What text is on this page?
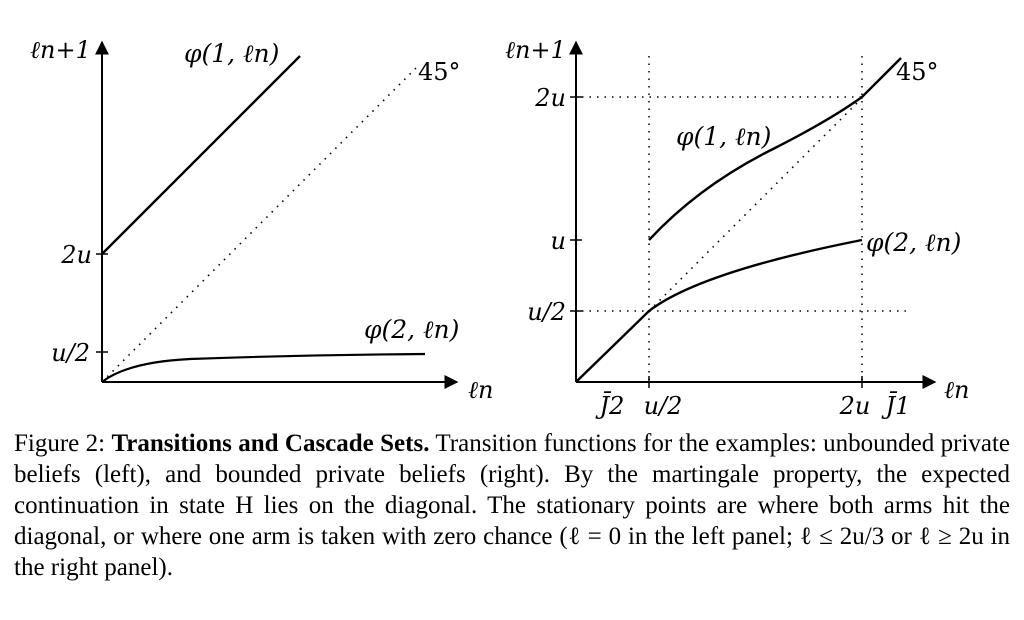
ℓn+1
ℓn
2u
u/2
45°
φ(1, ℓn)
φ(2, ℓn)
ℓn+1
ℓn
2u
u
u/2
J̄2 u/2	2u J̄1
45°
φ(1, ℓn)
φ(2, ℓn)
Figure 2: Transitions and Cascade Sets. Transition functions for the examples: unbounded private beliefs (left), and bounded private beliefs (right). By the martingale property, the expected continuation in state H lies on the diagonal. The stationary points are where both arms hit the diagonal, or where one arm is taken with zero chance (ℓ = 0 in the left panel; ℓ ≤ 2u/3 or ℓ ≥ 2u in the right panel).
